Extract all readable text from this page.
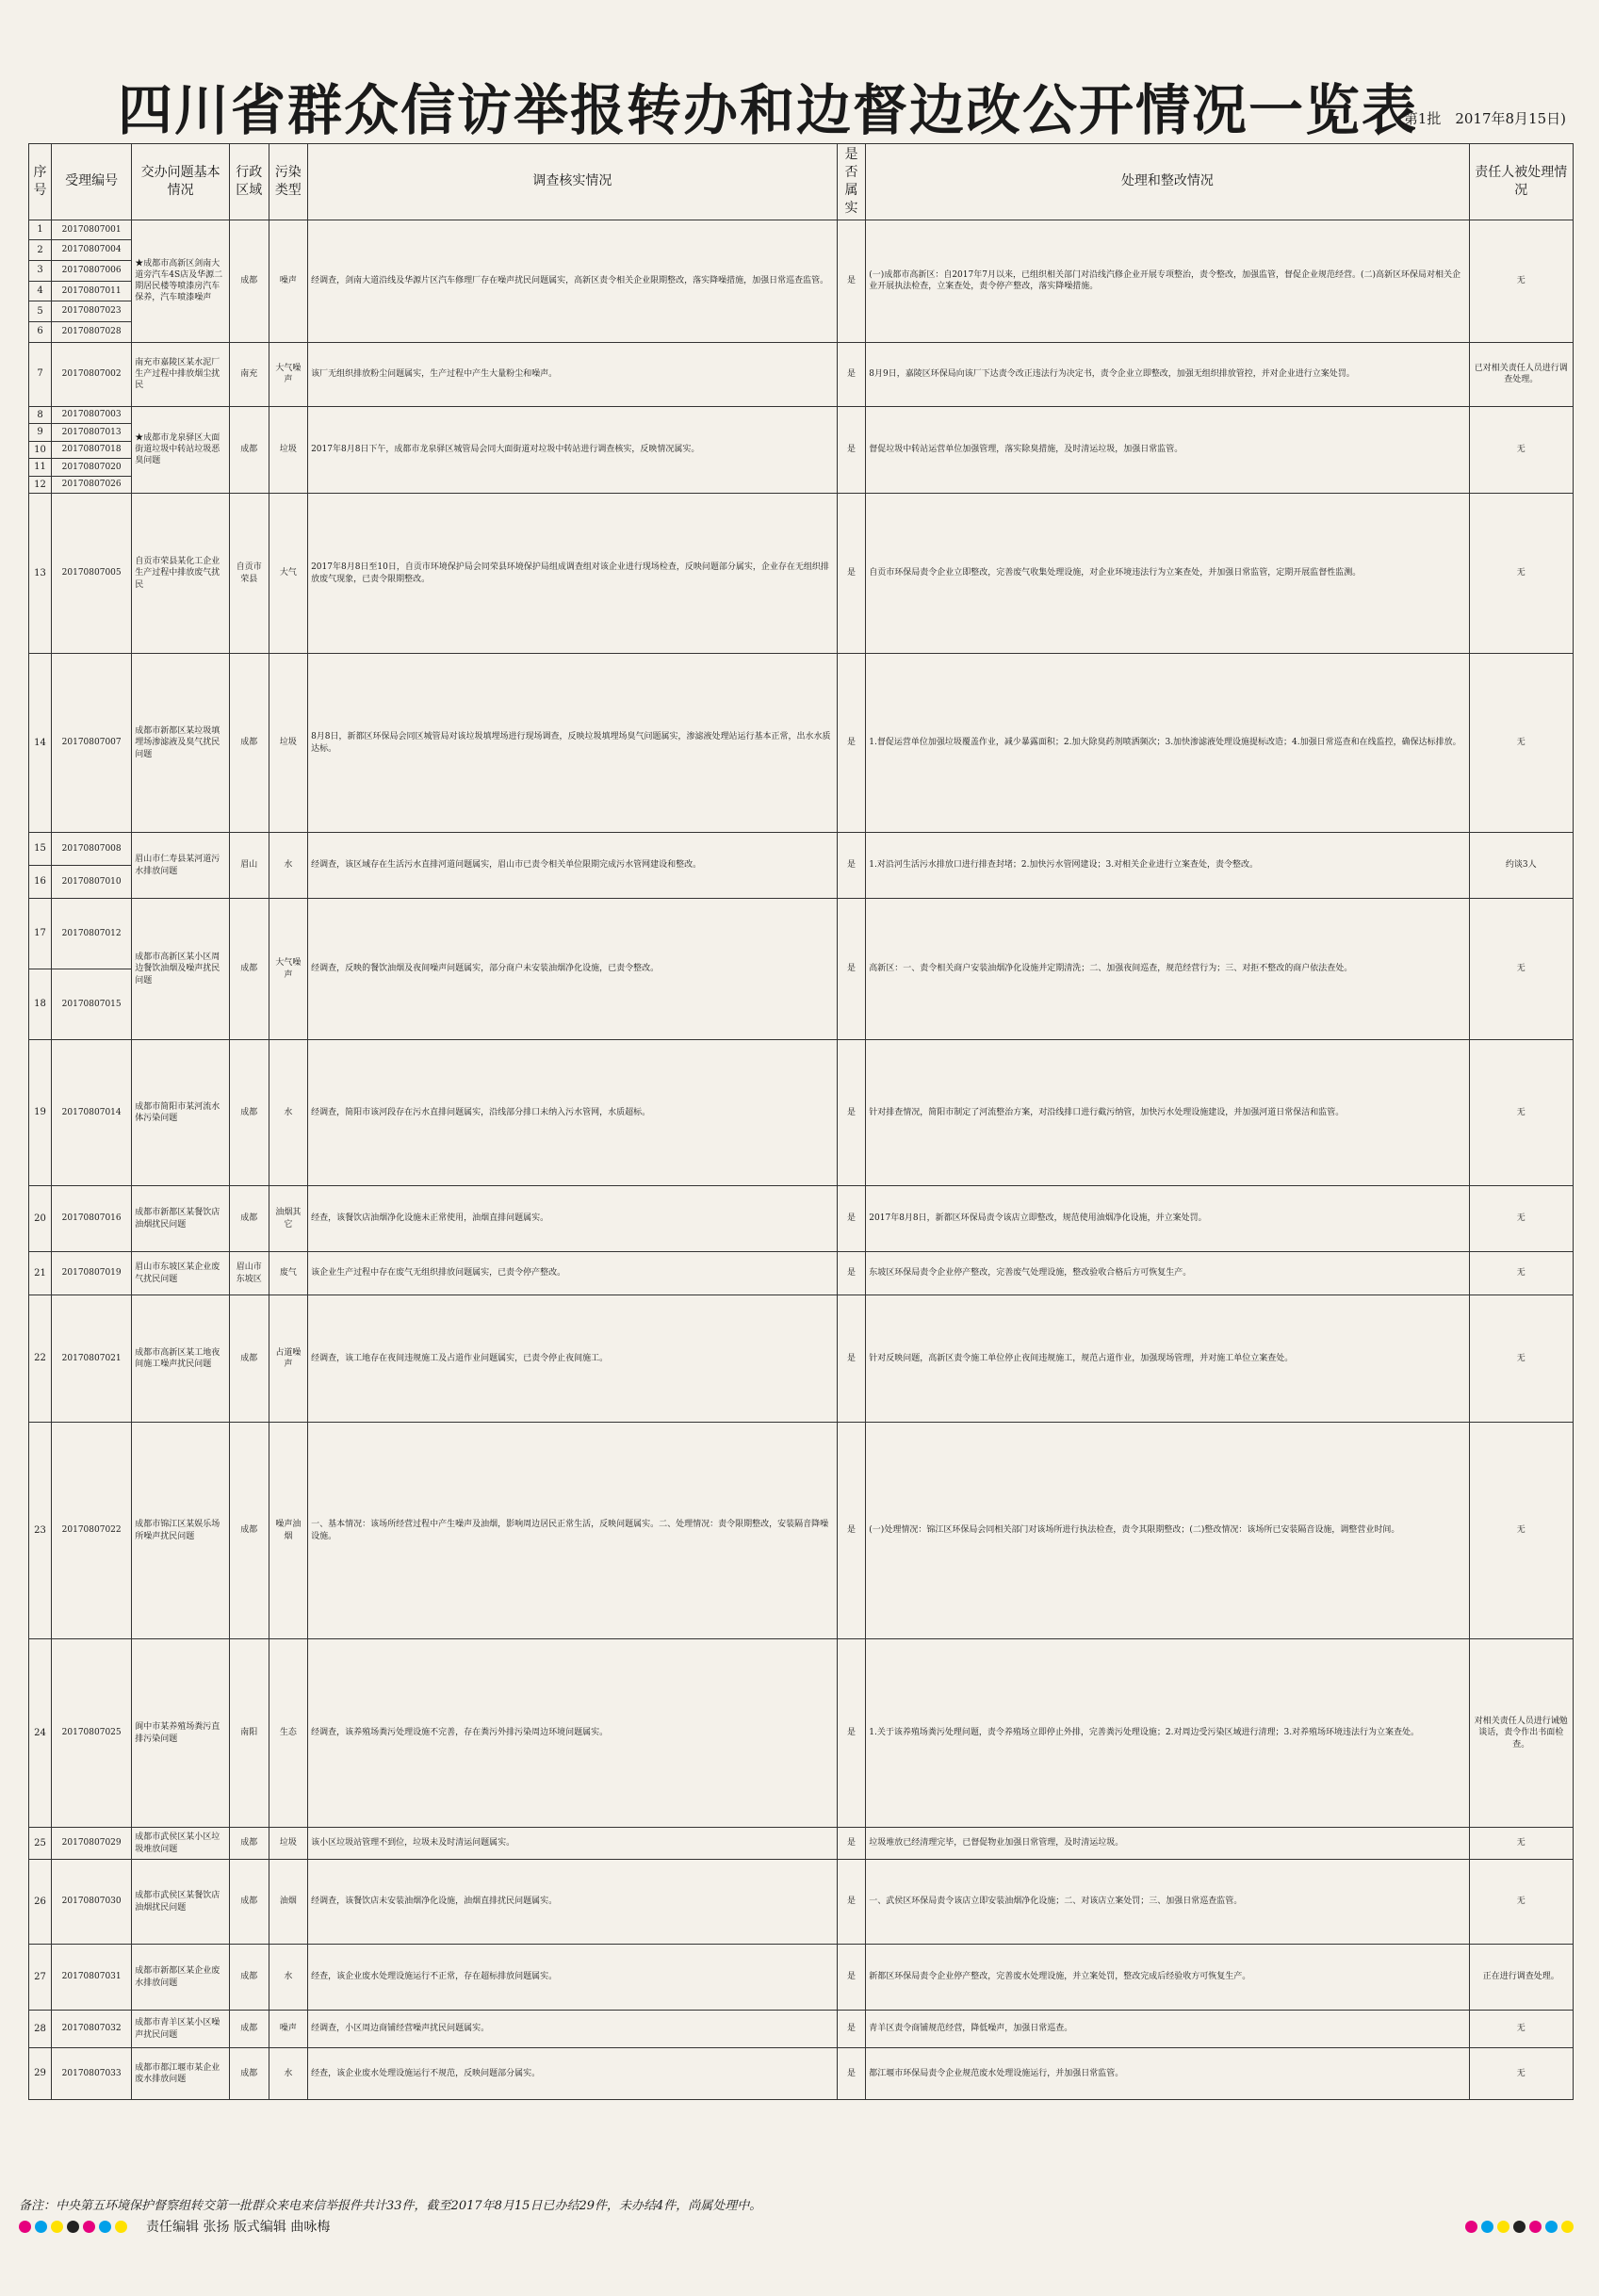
四川省群众信访举报转办和边督边改公开情况一览表
(第1批　2017年8月15日)
序号	受理编号	交办问题基本情况	行政区域	污染类型	调查核实情况	是否属实	处理和整改情况	责任人被处理情况
1	20170807001	★成都市高新区剑南大道旁汽车4S店及华源二期居民楼等喷漆房汽车保养，汽车喷漆噪声	成都	噪声	经调查，剑南大道沿线及华源片区汽车修理厂存在噪声扰民问题属实，高新区责令相关企业限期整改，落实降噪措施，加强日常巡查监管。	是	(一)成都市高新区：自2017年7月以来，已组织相关部门对沿线汽修企业开展专项整治，责令整改，加强监管，督促企业规范经营。(二)高新区环保局对相关企业开展执法检查，立案查处，责令停产整改，落实降噪措施。	无
2	20170807004							
3	20170807006							
4	20170807011							
5	20170807023							
6	20170807028							
7	20170807002	南充市嘉陵区某水泥厂生产过程中排放烟尘扰民	南充	大气噪声	该厂无组织排放粉尘问题属实，生产过程中产生大量粉尘和噪声。	是	8月9日，嘉陵区环保局向该厂下达责令改正违法行为决定书，责令企业立即整改，加强无组织排放管控，并对企业进行立案处罚。	已对相关责任人员进行调查处理。
8	20170807003	★成都市龙泉驿区大面街道垃圾中转站垃圾恶臭问题	成都	垃圾	2017年8月8日下午，成都市龙泉驿区城管局会同大面街道对垃圾中转站进行调查核实，反映情况属实。	是	督促垃圾中转站运营单位加强管理，落实除臭措施，及时清运垃圾，加强日常监管。	无
9	20170807013							
10	20170807018							
11	20170807020							
12	20170807026							
13	20170807005	自贡市荣县某化工企业生产过程中排放废气扰民	自贡市荣县	大气	2017年8月8日至10日，自贡市环境保护局会同荣县环境保护局组成调查组对该企业进行现场检查，反映问题部分属实，企业存在无组织排放废气现象，已责令限期整改。	是	自贡市环保局责令企业立即整改，完善废气收集处理设施，对企业环境违法行为立案查处，并加强日常监管，定期开展监督性监测。	无
14	20170807007	成都市新都区某垃圾填埋场渗滤液及臭气扰民问题	成都	垃圾	8月8日，新都区环保局会同区城管局对该垃圾填埋场进行现场调查，反映垃圾填埋场臭气问题属实，渗滤液处理站运行基本正常，出水水质达标。	是	1.督促运营单位加强垃圾覆盖作业，减少暴露面积；2.加大除臭药剂喷洒频次；3.加快渗滤液处理设施提标改造；4.加强日常巡查和在线监控，确保达标排放。	无
15	20170807008	眉山市仁寿县某河道污水排放问题	眉山	水	经调查，该区域存在生活污水直排河道问题属实，眉山市已责令相关单位限期完成污水管网建设和整改。	是	1.对沿河生活污水排放口进行排查封堵；2.加快污水管网建设；3.对相关企业进行立案查处，责令整改。	约谈3人
16	20170807010							
17	20170807012	成都市高新区某小区周边餐饮油烟及噪声扰民问题	成都	大气噪声	经调查，反映的餐饮油烟及夜间噪声问题属实，部分商户未安装油烟净化设施，已责令整改。	是	高新区：一、责令相关商户安装油烟净化设施并定期清洗；二、加强夜间巡查，规范经营行为；三、对拒不整改的商户依法查处。	无
18	20170807015							
19	20170807014	成都市简阳市某河流水体污染问题	成都	水	经调查，简阳市该河段存在污水直排问题属实，沿线部分排口未纳入污水管网，水质超标。	是	针对排查情况，简阳市制定了河流整治方案，对沿线排口进行截污纳管，加快污水处理设施建设，并加强河道日常保洁和监管。	无
20	20170807016	成都市新都区某餐饮店油烟扰民问题	成都	油烟其它	经查，该餐饮店油烟净化设施未正常使用，油烟直排问题属实。	是	2017年8月8日，新都区环保局责令该店立即整改，规范使用油烟净化设施，并立案处罚。	无
21	20170807019	眉山市东坡区某企业废气扰民问题	眉山市东坡区	废气	该企业生产过程中存在废气无组织排放问题属实，已责令停产整改。	是	东坡区环保局责令企业停产整改，完善废气处理设施，整改验收合格后方可恢复生产。	无
22	20170807021	成都市高新区某工地夜间施工噪声扰民问题	成都	占道噪声	经调查，该工地存在夜间违规施工及占道作业问题属实，已责令停止夜间施工。	是	针对反映问题，高新区责令施工单位停止夜间违规施工，规范占道作业，加强现场管理，并对施工单位立案查处。	无
23	20170807022	成都市锦江区某娱乐场所噪声扰民问题	成都	噪声油烟	一、基本情况：该场所经营过程中产生噪声及油烟，影响周边居民正常生活，反映问题属实。二、处理情况：责令限期整改，安装隔音降噪设施。	是	(一)处理情况：锦江区环保局会同相关部门对该场所进行执法检查，责令其限期整改；(二)整改情况：该场所已安装隔音设施，调整营业时间。	无
24	20170807025	阆中市某养殖场粪污直排污染问题	南阳	生态	经调查，该养殖场粪污处理设施不完善，存在粪污外排污染周边环境问题属实。	是	1.关于该养殖场粪污处理问题，责令养殖场立即停止外排，完善粪污处理设施；2.对周边受污染区域进行清理；3.对养殖场环境违法行为立案查处。	对相关责任人员进行诫勉谈话，责令作出书面检查。
25	20170807029	成都市武侯区某小区垃圾堆放问题	成都	垃圾	该小区垃圾站管理不到位，垃圾未及时清运问题属实。	是	垃圾堆放已经清理完毕，已督促物业加强日常管理，及时清运垃圾。	无
26	20170807030	成都市武侯区某餐饮店油烟扰民问题	成都	油烟	经调查，该餐饮店未安装油烟净化设施，油烟直排扰民问题属实。	是	一、武侯区环保局责令该店立即安装油烟净化设施；二、对该店立案处罚；三、加强日常巡查监管。	无
27	20170807031	成都市新都区某企业废水排放问题	成都	水	经查，该企业废水处理设施运行不正常，存在超标排放问题属实。	是	新都区环保局责令企业停产整改，完善废水处理设施，并立案处罚，整改完成后经验收方可恢复生产。	正在进行调查处理。
28	20170807032	成都市青羊区某小区噪声扰民问题	成都	噪声	经调查，小区周边商铺经营噪声扰民问题属实。	是	青羊区责令商铺规范经营，降低噪声，加强日常巡查。	无
29	20170807033	成都市都江堰市某企业废水排放问题	成都	水	经查，该企业废水处理设施运行不规范，反映问题部分属实。	是	都江堰市环保局责令企业规范废水处理设施运行，并加强日常监管。	无
备注：中央第五环境保护督察组转交第一批群众来电来信举报件共计33件，截至2017年8月15日已办结29件，未办结4件，尚属处理中。
责任编辑 张扬 版式编辑 曲咏梅
